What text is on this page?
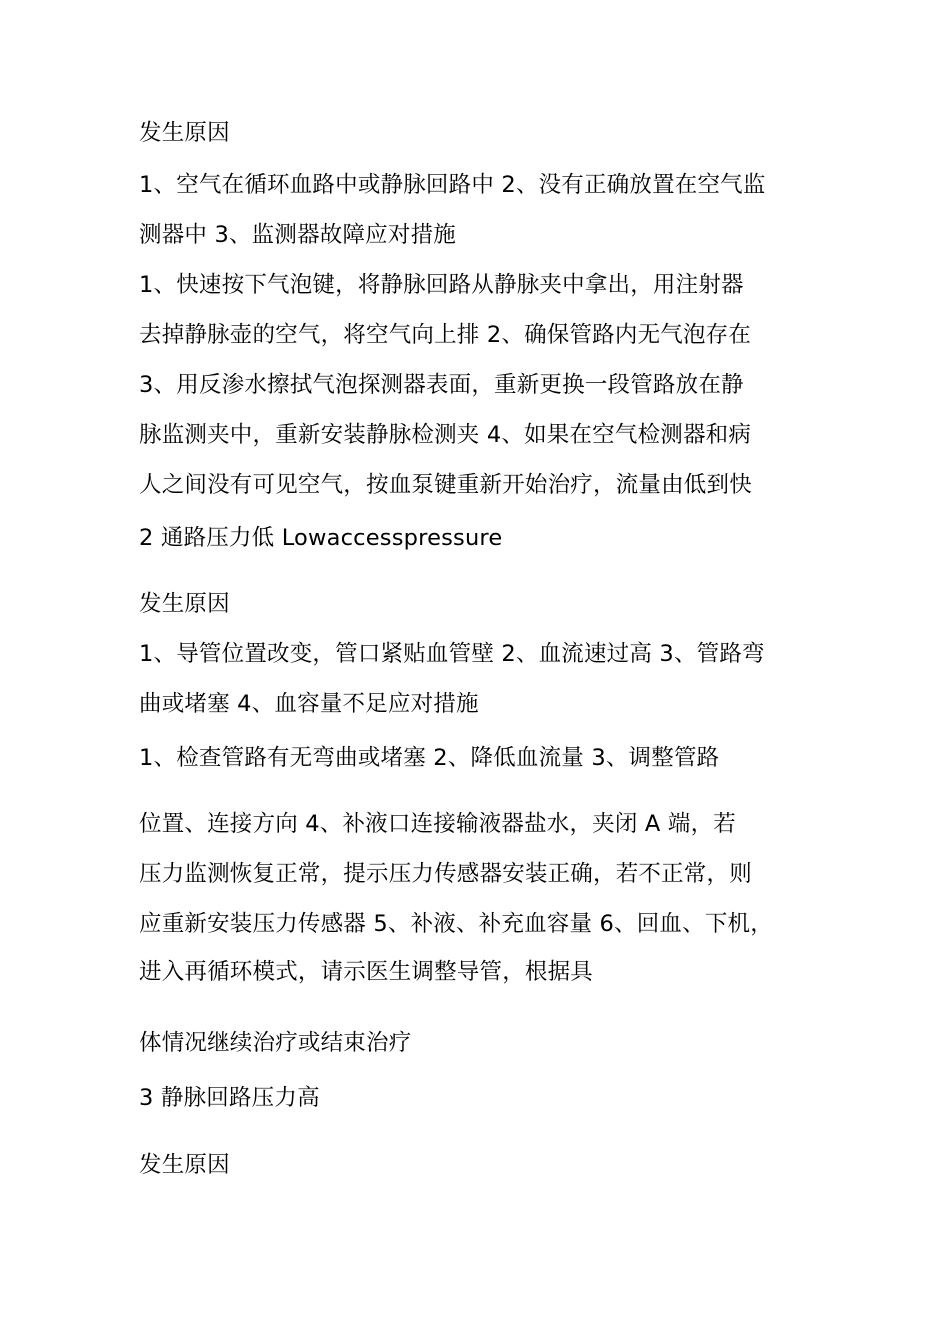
发生原因
1、空气在循环血路中或静脉回路中 2、没有正确放置在空气监
测器中 3、监测器故障应对措施
1、快速按下气泡键，将静脉回路从静脉夹中拿出，用注射器
去掉静脉壶的空气，将空气向上排 2、确保管路内无气泡存在
3、用反渗水擦拭气泡探测器表面，重新更换一段管路放在静
脉监测夹中，重新安装静脉检测夹 4、如果在空气检测器和病
人之间没有可见空气，按血泵键重新开始治疗，流量由低到快
2 通路压力低 Lowaccesspressure
发生原因
1、导管位置改变，管口紧贴血管壁 2、血流速过高 3、管路弯
曲或堵塞 4、血容量不足应对措施
1、检查管路有无弯曲或堵塞 2、降低血流量 3、调整管路
位置、连接方向 4、补液口连接输液器盐水，夹闭 A 端，若
压力监测恢复正常，提示压力传感器安装正确，若不正常，则
应重新安装压力传感器 5、补液、补充血容量 6、回血、下机，
进入再循环模式，请示医生调整导管，根据具
体情况继续治疗或结束治疗
3 静脉回路压力高
发生原因
